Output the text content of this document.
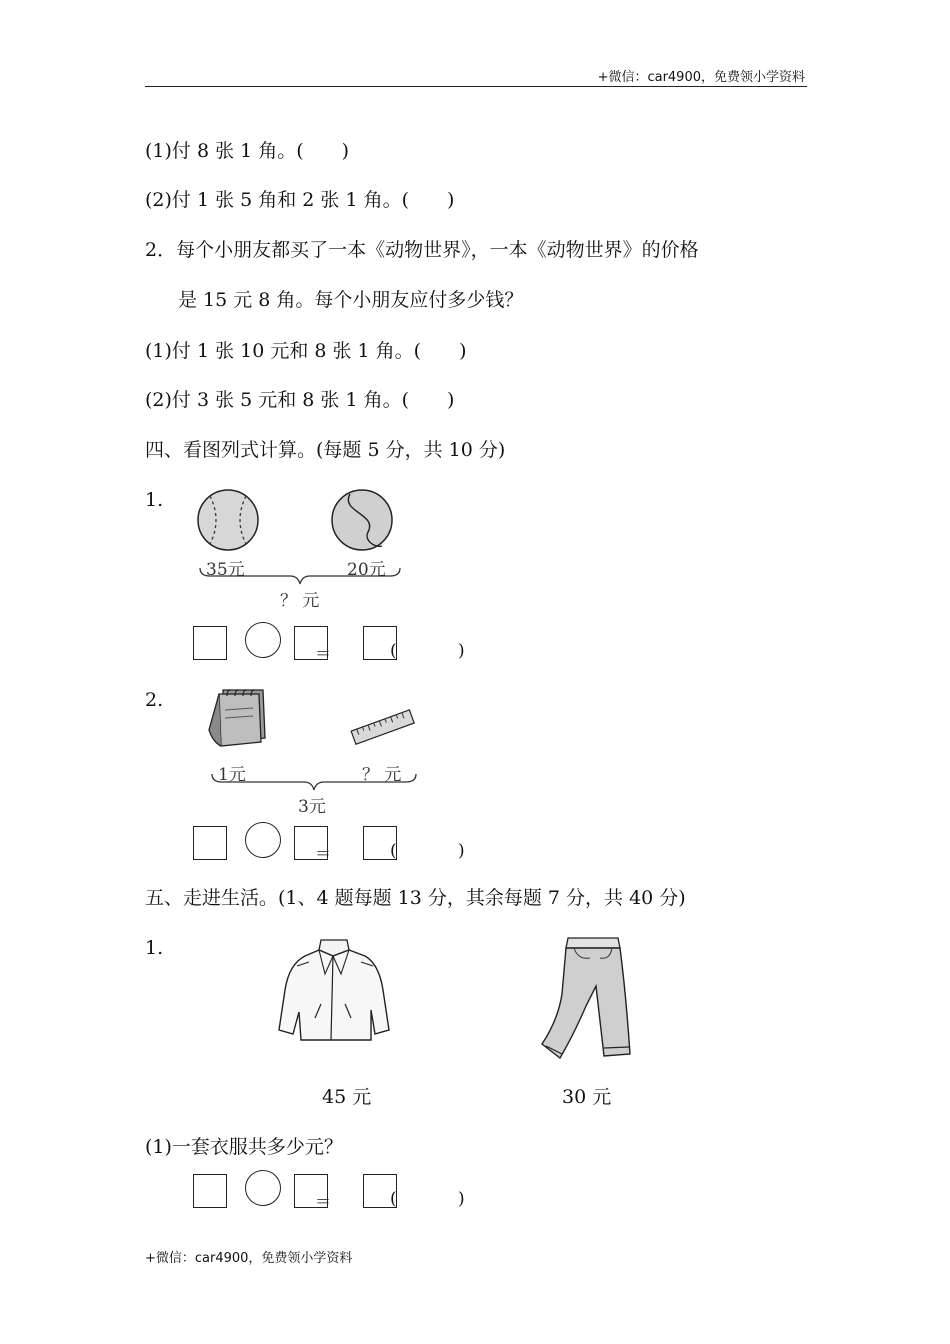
+微信：car4900，免费领小学资料
(1)付 8 张 1 角。(　　)
(2)付 1 张 5 角和 2 张 1 角。(　　)
2．每个小朋友都买了一本《动物世界》，一本《动物世界》的价格
是 15 元 8 角。每个小朋友应付多少钱？
(1)付 1 张 10 元和 8 张 1 角。(　　)
(2)付 3 张 5 元和 8 张 1 角。(　　)
四、看图列式计算。(每题 5 分，共 10 分)
1.
35元	20元
？ 元
＝	(	)
2.
1元	？ 元
3元
＝	(	)
五、走进生活。(1、4 题每题 13 分，其余每题 7 分，共 40 分)
1.
45 元	30 元
(1)一套衣服共多少元？
＝	(	)
+微信：car4900，免费领小学资料
